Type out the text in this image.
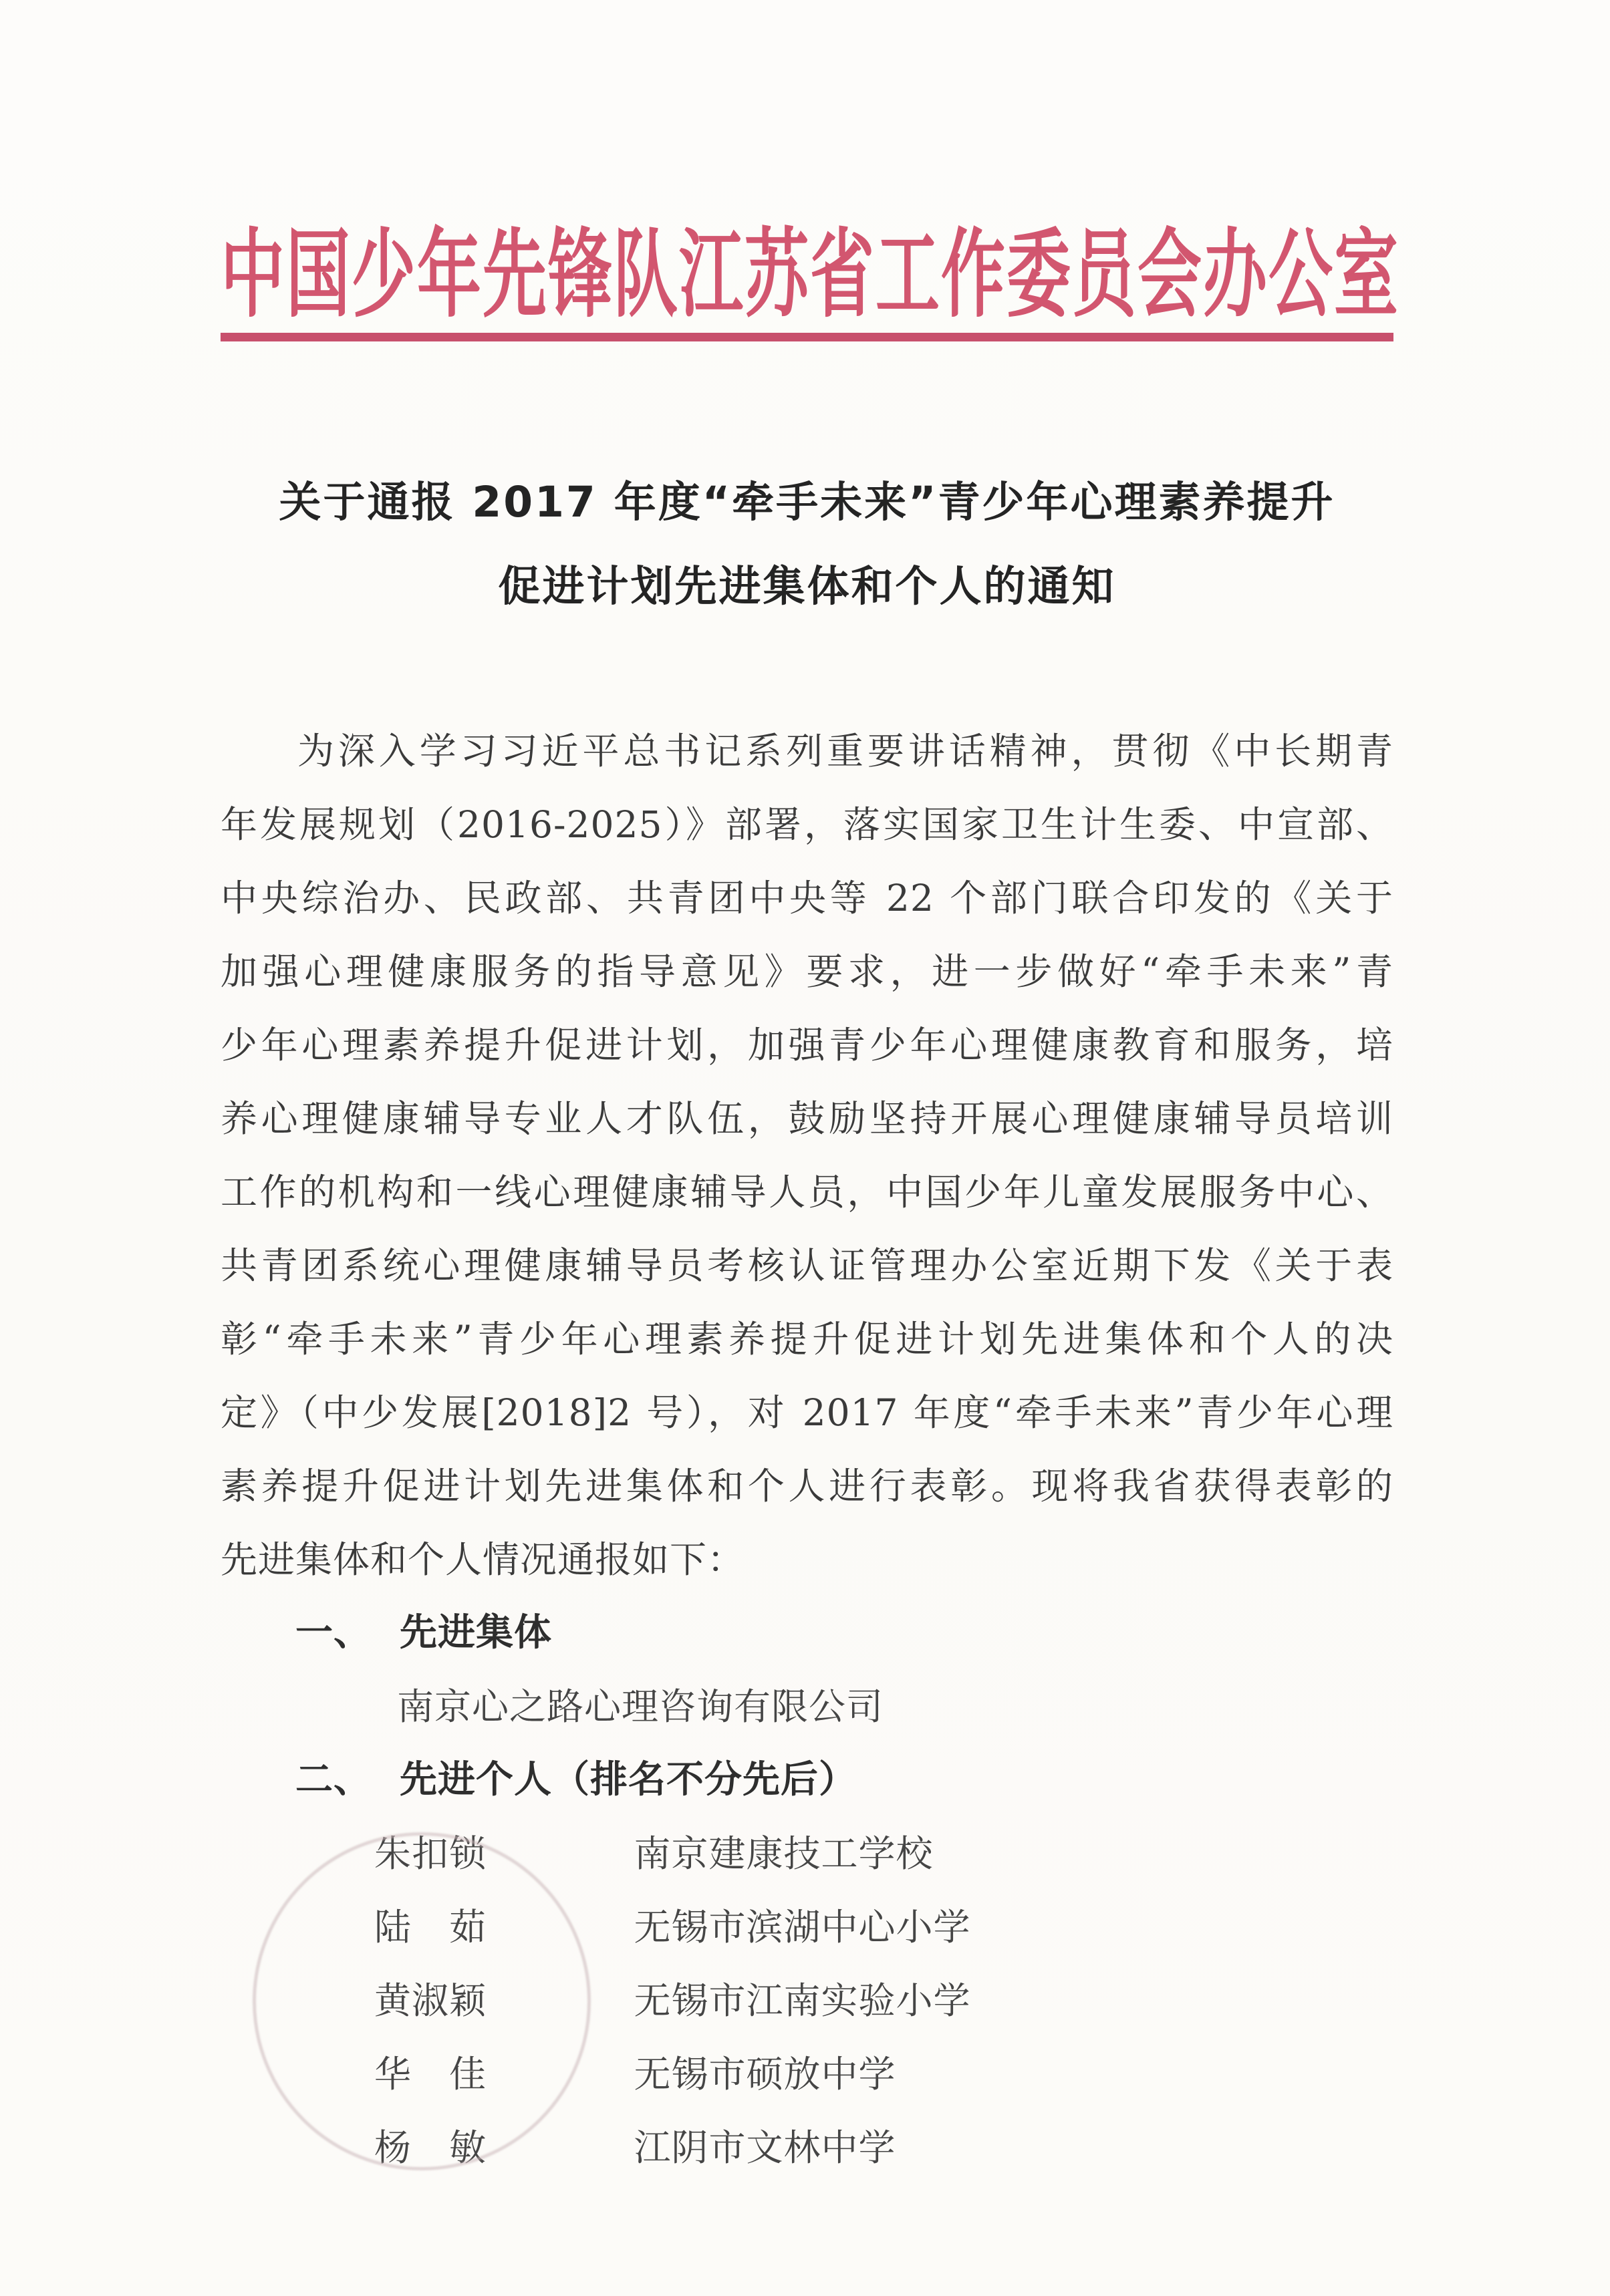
中国少年先锋队江苏省工作委员会办公室
关于通报 2017 年度“牵手未来”青少年心理素养提升
促进计划先进集体和个人的通知

为深入学习习近平总书记系列重要讲话精神，贯彻《中长期青

年发展规划（2016-2025）》部署，落实国家卫生计生委、中宣部、

中央综治办、民政部、共青团中央等 22 个部门联合印发的《关于

加强心理健康服务的指导意见》要求，进一步做好“牵手未来”青

少年心理素养提升促进计划，加强青少年心理健康教育和服务，培

养心理健康辅导专业人才队伍，鼓励坚持开展心理健康辅导员培训

工作的机构和一线心理健康辅导人员，中国少年儿童发展服务中心、

共青团系统心理健康辅导员考核认证管理办公室近期下发《关于表

彰“牵手未来”青少年心理素养提升促进计划先进集体和个人的决

定》（中少发展[2018]2 号），对 2017 年度“牵手未来”青少年心理

素养提升促进计划先进集体和个人进行表彰。现将我省获得表彰的

先进集体和个人情况通报如下：

一、 先进集体

南京心之路心理咨询有限公司

二、 先进个人（排名不分先后）
朱扣锁	南京建康技工学校
陆　茹	无锡市滨湖中心小学
黄淑颖	无锡市江南实验小学
华　佳	无锡市硕放中学
杨　敏	江阴市文林中学
